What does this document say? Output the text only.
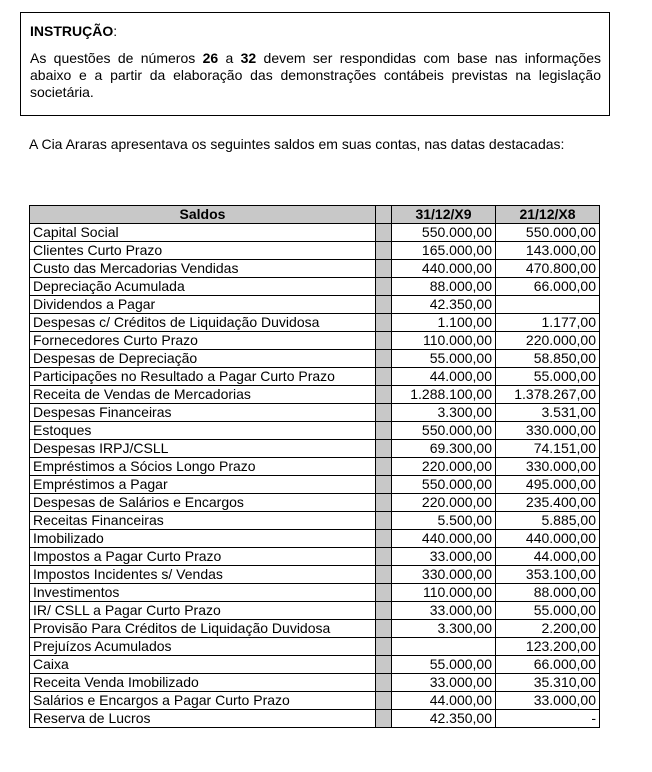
INSTRUÇÃO:
As questões de números 26 a 32 devem ser respondidas com base nas informações abaixo e a partir da elaboração das demonstrações contábeis previstas na legislação societária.
A Cia Araras apresentava os seguintes saldos em suas contas, nas datas destacadas:
Saldos		31/12/X9	21/12/X8
Capital Social		550.000,00	550.000,00
Clientes Curto Prazo		165.000,00	143.000,00
Custo das Mercadorias Vendidas		440.000,00	470.800,00
Depreciação Acumulada		88.000,00	66.000,00
Dividendos a Pagar		42.350,00	
Despesas c/ Créditos de Liquidação Duvidosa		1.100,00	1.177,00
Fornecedores Curto Prazo		110.000,00	220.000,00
Despesas de Depreciação		55.000,00	58.850,00
Participações no Resultado a Pagar Curto Prazo		44.000,00	55.000,00
Receita de Vendas de Mercadorias		1.288.100,00	1.378.267,00
Despesas Financeiras		3.300,00	3.531,00
Estoques		550.000,00	330.000,00
Despesas IRPJ/CSLL		69.300,00	74.151,00
Empréstimos a Sócios Longo Prazo		220.000,00	330.000,00
Empréstimos a Pagar		550.000,00	495.000,00
Despesas de Salários e Encargos		220.000,00	235.400,00
Receitas Financeiras		5.500,00	5.885,00
Imobilizado		440.000,00	440.000,00
Impostos a Pagar Curto Prazo		33.000,00	44.000,00
Impostos Incidentes s/ Vendas		330.000,00	353.100,00
Investimentos		110.000,00	88.000,00
IR/ CSLL a Pagar Curto Prazo		33.000,00	55.000,00
Provisão Para Créditos de Liquidação Duvidosa		3.300,00	2.200,00
Prejuízos Acumulados			123.200,00
Caixa		55.000,00	66.000,00
Receita Venda Imobilizado		33.000,00	35.310,00
Salários e Encargos a Pagar Curto Prazo		44.000,00	33.000,00
Reserva de Lucros		42.350,00	-
